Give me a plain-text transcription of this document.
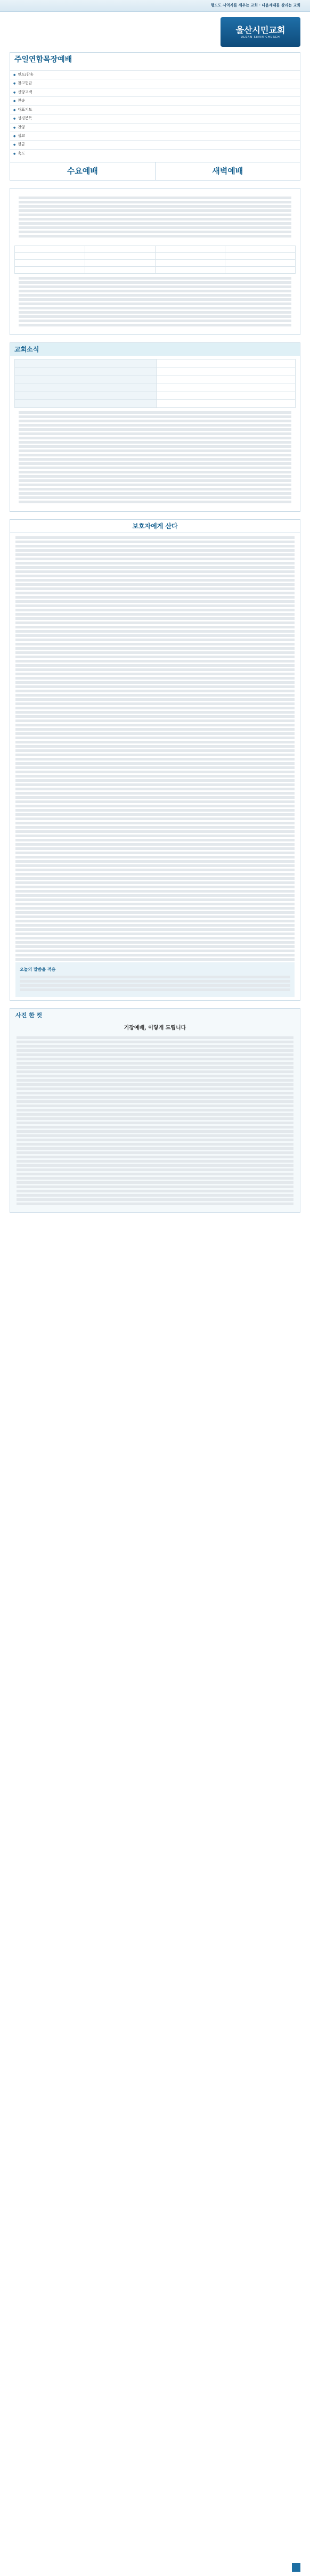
행드도 사역자를 세우는 교회 · 다음세대를 살리는 교회
울산시민교회
ULSAN SIMIN CHURCH
주일연합목장예배
● 인도/찬송		
● 참고헌금		
● 신앙고백		
● 찬송		
● 대표기도		
● 성경봉독		
● 찬양		
● 설교		
● 헌금		
● 축도		
수요예배	새벽예배

교회소식

보호자에게 산다
오늘의 말씀을 적용
사진 한 컷
기장예배, 이렇게 드립니다
